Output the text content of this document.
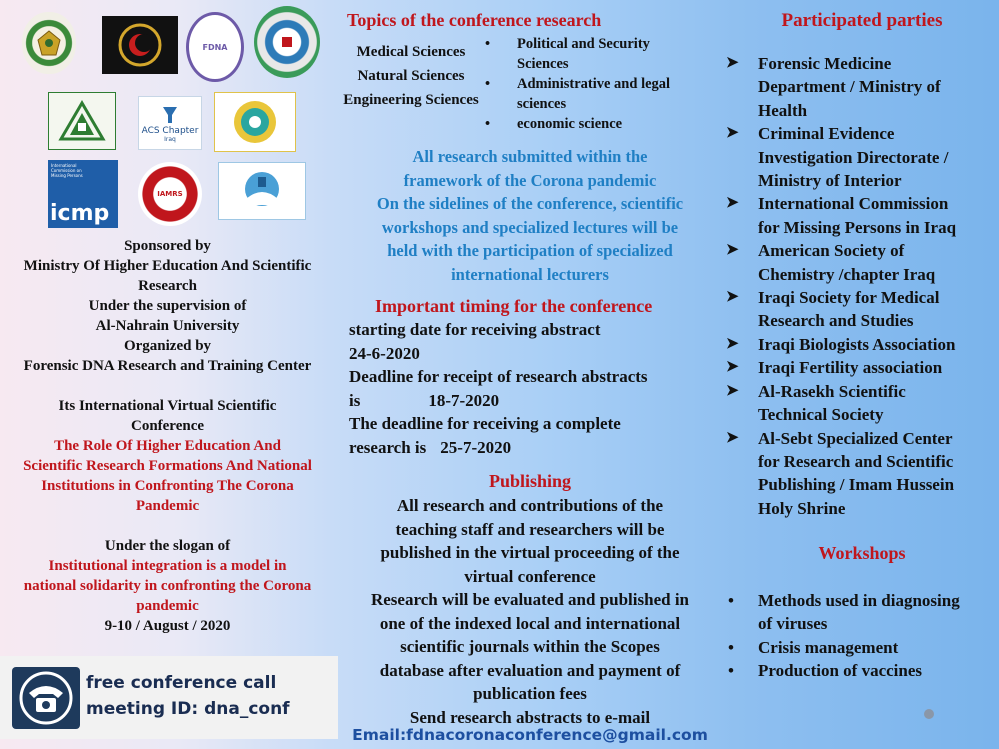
FDNA
ACS Chapter
Iraq
International Commission on Missing Persons
icmp
IAMRS
Sponsored by
Ministry Of Higher Education And Scientific
Research
Under the supervision of
Al-Nahrain University
Organized by
Forensic DNA Research and Training Center
Its International Virtual Scientific
Conference
The Role Of Higher Education And
Scientific Research Formations And National
Institutions in Confronting The Corona
Pandemic
Under the slogan of
Institutional integration is a model in
national solidarity in confronting the Corona
pandemic
9-10 / August / 2020
free conference call
meeting ID: dna_conf
Topics of the conference research
Medical Sciences
Natural Sciences
Engineering Sciences
• Political and Security
Sciences
• Administrative and legal
sciences
• economic science
All research submitted within the
framework of the Corona pandemic
On the sidelines of the conference, scientific
workshops and specialized lectures will be
held with the participation of specialized
international lecturers
Important timing for the conference
starting date for receiving abstract
24-6-2020
Deadline for receipt of research abstracts
is	18-7-2020
The deadline for receiving a complete
research is 25-7-2020
Publishing
All research and contributions of the
teaching staff and researchers will be
published in the virtual proceeding of the
virtual conference
Research will be evaluated and published in
one of the indexed local and international
scientific journals within the Scopes
database after evaluation and payment of
publication fees
Send research abstracts to e-mail
Email:fdnacoronaconference@gmail.com
Participated parties
➤	Forensic Medicine
Department / Ministry of
Health
➤	Criminal Evidence
Investigation Directorate /
Ministry of Interior
➤	International Commission
for Missing Persons in Iraq
➤	American Society of
Chemistry /chapter Iraq
➤	Iraqi Society for Medical
Research and Studies
➤	Iraqi Biologists Association
➤	Iraqi Fertility association
➤	Al-Rasekh Scientific
Technical Society
➤	Al-Sebt Specialized Center
for Research and Scientific
Publishing / Imam Hussein
Holy Shrine
Workshops
• Methods used in diagnosing
of viruses
• Crisis management
• Production of vaccines
